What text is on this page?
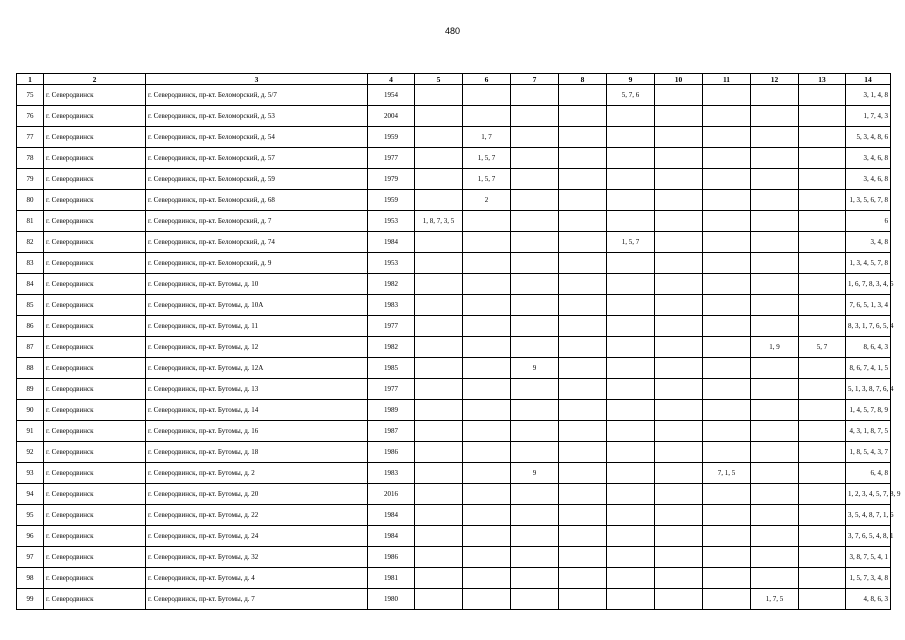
480
1	2	3	4	5	6	7	8	9	10	11	12	13	14
75	г. Северодвинск	г. Северодвинск, пр-кт. Беломорский, д. 5/7	1954					5, 7, 6					3, 1, 4, 8
76	г. Северодвинск	г. Северодвинск, пр-кт. Беломорский, д. 53	2004										1, 7, 4, 3
77	г. Северодвинск	г. Северодвинск, пр-кт. Беломорский, д. 54	1959		1, 7								5, 3, 4, 8, 6
78	г. Северодвинск	г. Северодвинск, пр-кт. Беломорский, д. 57	1977		1, 5, 7								3, 4, 6, 8
79	г. Северодвинск	г. Северодвинск, пр-кт. Беломорский, д. 59	1979		1, 5, 7								3, 4, 6, 8
80	г. Северодвинск	г. Северодвинск, пр-кт. Беломорский, д. 68	1959		2								1, 3, 5, 6, 7, 8
81	г. Северодвинск	г. Северодвинск, пр-кт. Беломорский, д. 7	1953	1, 8, 7, 3, 5									6
82	г. Северодвинск	г. Северодвинск, пр-кт. Беломорский, д. 74	1984					1, 5, 7					3, 4, 8
83	г. Северодвинск	г. Северодвинск, пр-кт. Беломорский, д. 9	1953										1, 3, 4, 5, 7, 8
84	г. Северодвинск	г. Северодвинск, пр-кт. Бутомы, д. 10	1982										1, 6, 7, 8, 3, 4, 5
85	г. Северодвинск	г. Северодвинск, пр-кт. Бутомы, д. 10А	1983										7, 6, 5, 1, 3, 4
86	г. Северодвинск	г. Северодвинск, пр-кт. Бутомы, д. 11	1977										8, 3, 1, 7, 6, 5, 4
87	г. Северодвинск	г. Северодвинск, пр-кт. Бутомы, д. 12	1982								1, 9	5, 7	8, 6, 4, 3
88	г. Северодвинск	г. Северодвинск, пр-кт. Бутомы, д. 12А	1985			9							8, 6, 7, 4, 1, 5
89	г. Северодвинск	г. Северодвинск, пр-кт. Бутомы, д. 13	1977										5, 1, 3, 8, 7, 6, 4
90	г. Северодвинск	г. Северодвинск, пр-кт. Бутомы, д. 14	1989										1, 4, 5, 7, 8, 9
91	г. Северодвинск	г. Северодвинск, пр-кт. Бутомы, д. 16	1987										4, 3, 1, 8, 7, 5
92	г. Северодвинск	г. Северодвинск, пр-кт. Бутомы, д. 18	1986										1, 8, 5, 4, 3, 7
93	г. Северодвинск	г. Северодвинск, пр-кт. Бутомы, д. 2	1983			9				7, 1, 5			6, 4, 8
94	г. Северодвинск	г. Северодвинск, пр-кт. Бутомы, д. 20	2016										1, 2, 3, 4, 5, 7, 8, 9
95	г. Северодвинск	г. Северодвинск, пр-кт. Бутомы, д. 22	1984										3, 5, 4, 8, 7, 1, 6
96	г. Северодвинск	г. Северодвинск, пр-кт. Бутомы, д. 24	1984										3, 7, 6, 5, 4, 8, 1
97	г. Северодвинск	г. Северодвинск, пр-кт. Бутомы, д. 32	1986										3, 8, 7, 5, 4, 1
98	г. Северодвинск	г. Северодвинск, пр-кт. Бутомы, д. 4	1981										1, 5, 7, 3, 4, 8
99	г. Северодвинск	г. Северодвинск, пр-кт. Бутомы, д. 7	1980								1, 7, 5		4, 8, 6, 3
